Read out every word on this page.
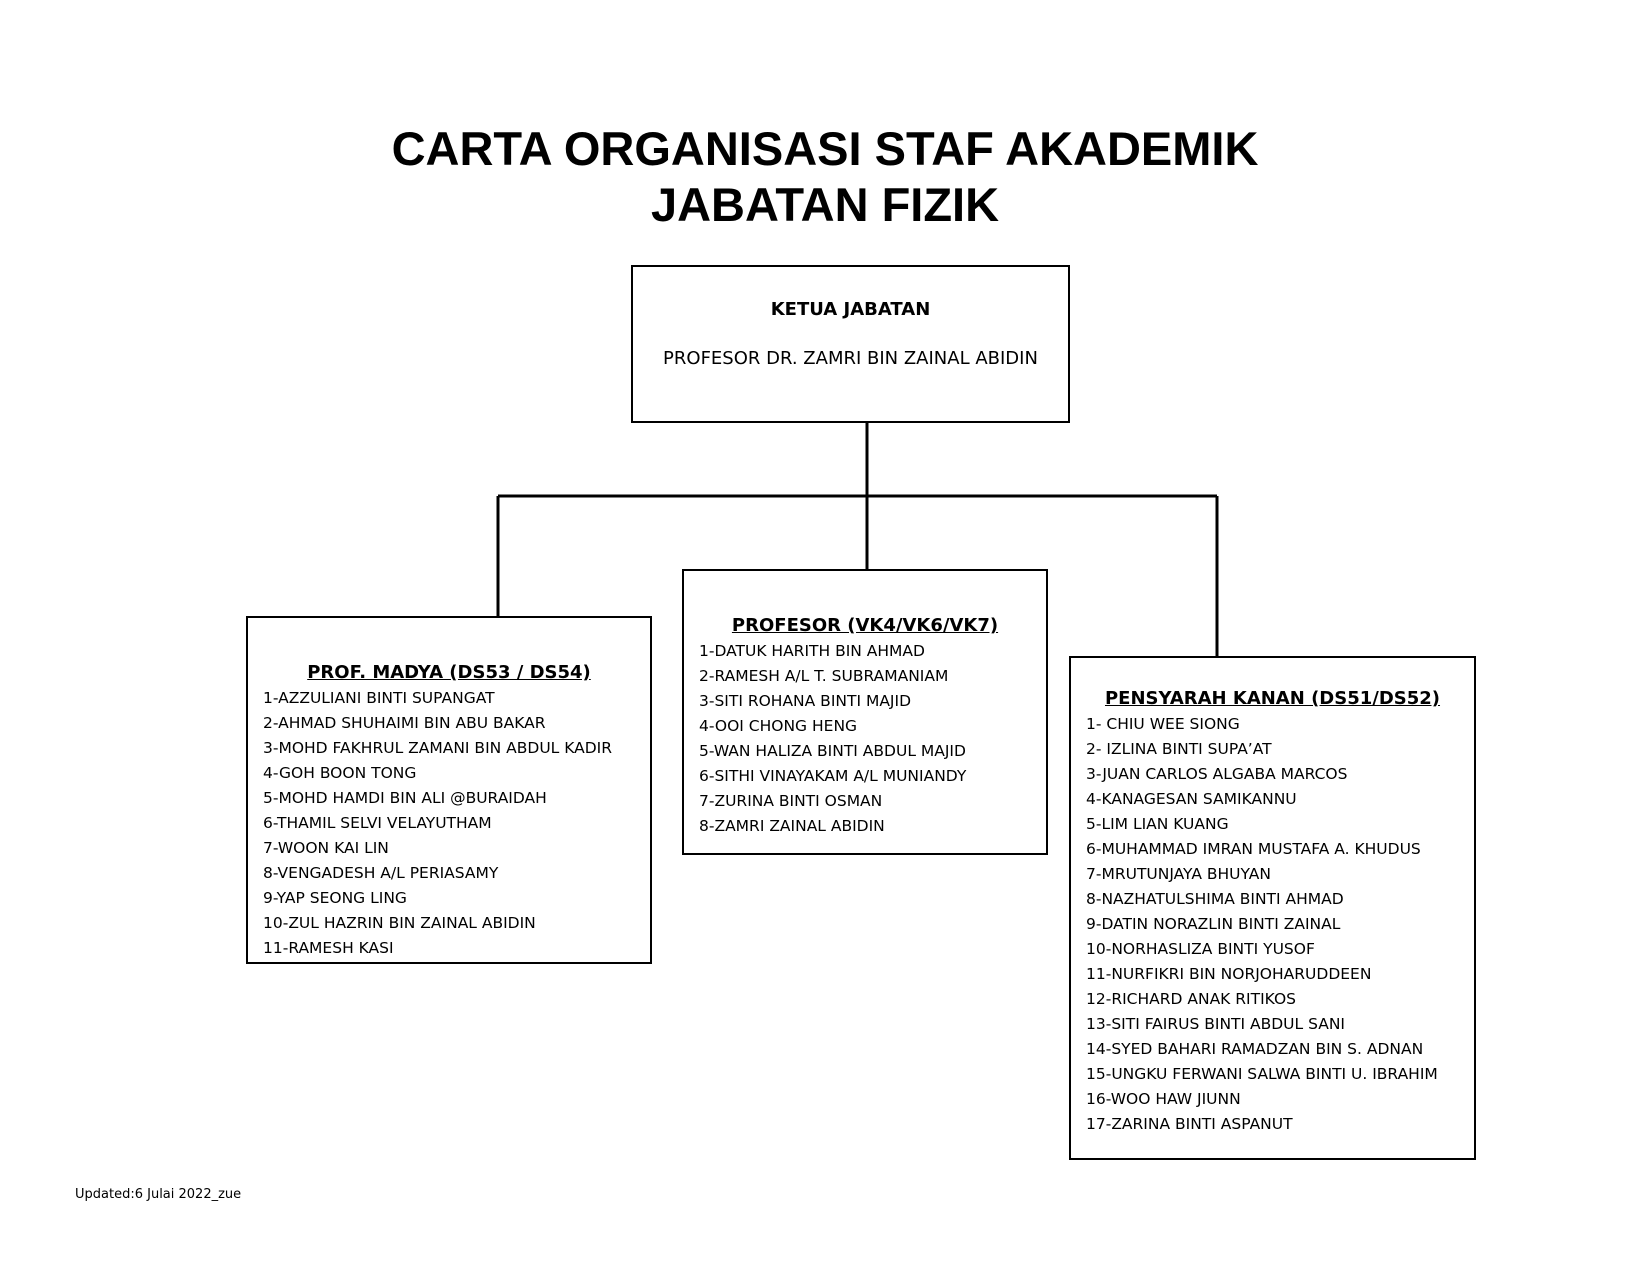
CARTA ORGANISASI STAF AKADEMIK
JABATAN FIZIK
KETUA JABATAN
PROFESOR DR. ZAMRI BIN ZAINAL ABIDIN
PROF. MADYA (DS53 / DS54)
1-AZZULIANI BINTI SUPANGAT
2-AHMAD SHUHAIMI BIN ABU BAKAR
3-MOHD FAKHRUL ZAMANI BIN ABDUL KADIR
4-GOH BOON TONG
5-MOHD HAMDI BIN ALI @BURAIDAH
6-THAMIL SELVI VELAYUTHAM
7-WOON KAI LIN
8-VENGADESH A/L PERIASAMY
9-YAP SEONG LING
10-ZUL HAZRIN BIN ZAINAL ABIDIN
11-RAMESH KASI
PROFESOR (VK4/VK6/VK7)
1-DATUK HARITH BIN AHMAD
2-RAMESH A/L T. SUBRAMANIAM
3-SITI ROHANA BINTI MAJID
4-OOI CHONG HENG
5-WAN HALIZA BINTI ABDUL MAJID
6-SITHI VINAYAKAM A/L MUNIANDY
7-ZURINA BINTI OSMAN
8-ZAMRI ZAINAL ABIDIN
PENSYARAH KANAN (DS51/DS52)
1- CHIU WEE SIONG
2- IZLINA BINTI SUPA’AT
3-JUAN CARLOS ALGABA MARCOS
4-KANAGESAN SAMIKANNU
5-LIM LIAN KUANG
6-MUHAMMAD IMRAN MUSTAFA A. KHUDUS
7-MRUTUNJAYA BHUYAN
8-NAZHATULSHIMA BINTI AHMAD
9-DATIN NORAZLIN BINTI ZAINAL
10-NORHASLIZA BINTI YUSOF
11-NURFIKRI BIN NORJOHARUDDEEN
12-RICHARD ANAK RITIKOS
13-SITI FAIRUS BINTI ABDUL SANI
14-SYED BAHARI RAMADZAN BIN S. ADNAN
15-UNGKU FERWANI SALWA BINTI U. IBRAHIM
16-WOO HAW JIUNN
17-ZARINA BINTI ASPANUT
Updated:6 Julai 2022_zue
